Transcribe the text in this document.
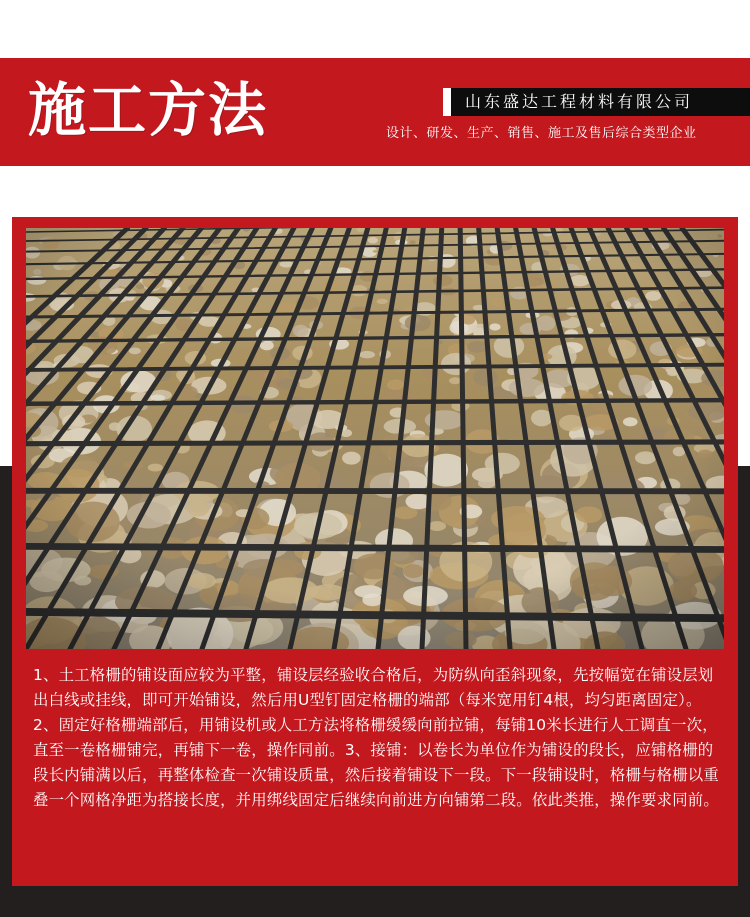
施工方法	山东盛达工程材料有限公司
设计、研发、生产、销售、施工及售后综合类型企业

1、土工格栅的铺设面应较为平整，铺设层经验收合格后，为防纵向歪斜现象，先按幅宽在铺设层划出白线或挂线，即可开始铺设，然后用U型钉固定格栅的端部（每米宽用钉4根，均匀距离固定）。

2、固定好格栅端部后，用铺设机或人工方法将格栅缓缓向前拉铺，每铺10米长进行人工调直一次，直至一卷格栅铺完，再铺下一卷，操作同前。3、接铺：以卷长为单位作为铺设的段长，应铺格栅的段长内铺满以后，再整体检查一次铺设质量，然后接着铺设下一段。下一段铺设时，格栅与格栅以重叠一个网格净距为搭接长度，并用绑线固定后继续向前进方向铺第二段。依此类推，操作要求同前。
